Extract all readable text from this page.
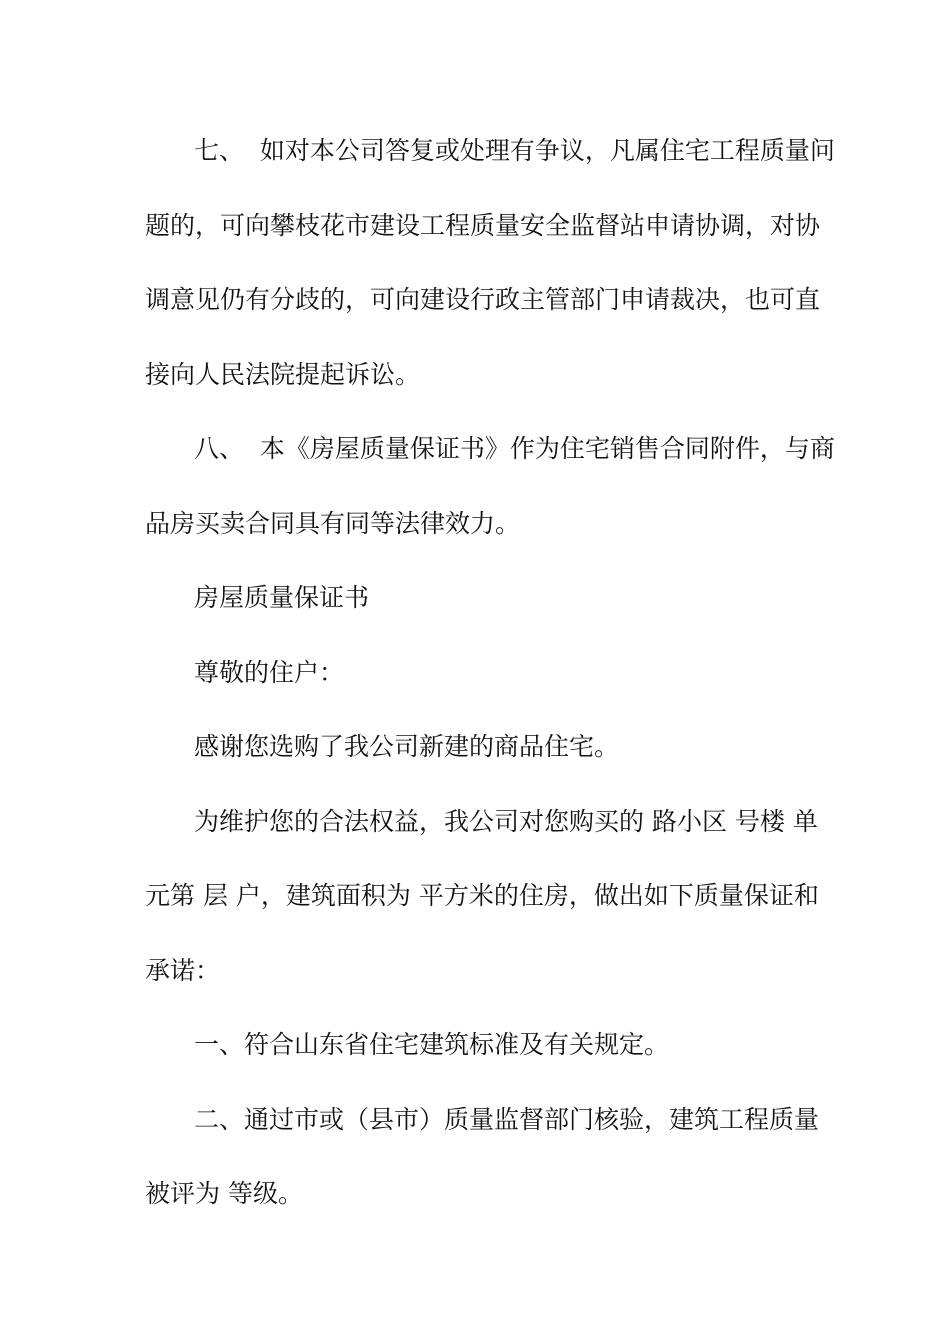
七、  如对本公司答复或处理有争议，凡属住宅工程质量问
题的，可向攀枝花市建设工程质量安全监督站申请协调，对协
调意见仍有分歧的，可向建设行政主管部门申请裁决，也可直
接向人民法院提起诉讼。
八、  本《房屋质量保证书》作为住宅销售合同附件，与商
品房买卖合同具有同等法律效力。
房屋质量保证书
尊敬的住户：
感谢您选购了我公司新建的商品住宅。
为维护您的合法权益，我公司对您购买的 路小区 号楼 单
元第 层 户，建筑面积为 平方米的住房，做出如下质量保证和
承诺：
一、符合山东省住宅建筑标准及有关规定。
二、通过市或（县市）质量监督部门核验，建筑工程质量
被评为 等级。
